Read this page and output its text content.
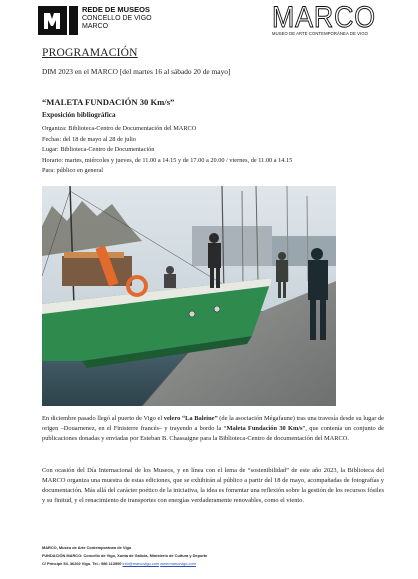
REDE DE MUSEOS
CONCELLO DE VIGO
MARCO	MARCO
MUSEO DE ARTE CONTEMPORÁNEA DE VIGO
PROGRAMACIÓN
DIM 2023 en el MARCO [del martes 16 al sábado 20 de mayo]
“MALETA FUNDACIÓN 30 Km/s”
Exposición bibliográfica
Organiza: Biblioteca-Centro de Documentación del MARCO
Fechas: del 18 de mayo al 28 de julio
Lugar: Biblioteca-Centro de Documentación
Horario: martes, miércoles y jueves, de 11.00 a 14.15 y de 17.00 a 20.00 / viernes, de 11.00 a 14.15
Para: público en general
En diciembre pasado llegó al puerto de Vigo el velero “La Baleine” (de la asociación Mégafaune) tras una travesía desde su lugar de origen –Douarnenez, en el Finisterre francés– y trayendo a bordo la “Maleta Fundación 30 Km/s”, que contenía un conjunto de publicaciones donadas y enviadas por Esteban B. Chassaigne para la Biblioteca-Centro de documentación del MARCO.
Con ocasión del Día Internacional de los Museos, y en línea con el lema de “sostenibilidad” de este año 2023, la Biblioteca del MARCO organiza una muestra de estas ediciones, que se exhibirán al público a partir del 18 de mayo, acompañadas de fotografías y documentación. Más allá del carácter poético de la iniciativa, la idea es fomentar una reflexión sobre la gestión de los recursos fósiles y su finitud, y el renacimiento de transportes con energías verdaderamente renovables, como el viento.
MARCO, Museo de Arte Contemporánea de Vigo
FUNDACIÓN MARCO: Concello de Vigo, Xunta de Galicia, Ministerio de Cultura y Deporte
C/ Príncipe 54. 36202 Vigo. Tel.: 986 113900 info@marcovigo.com www.marcovigo.com
